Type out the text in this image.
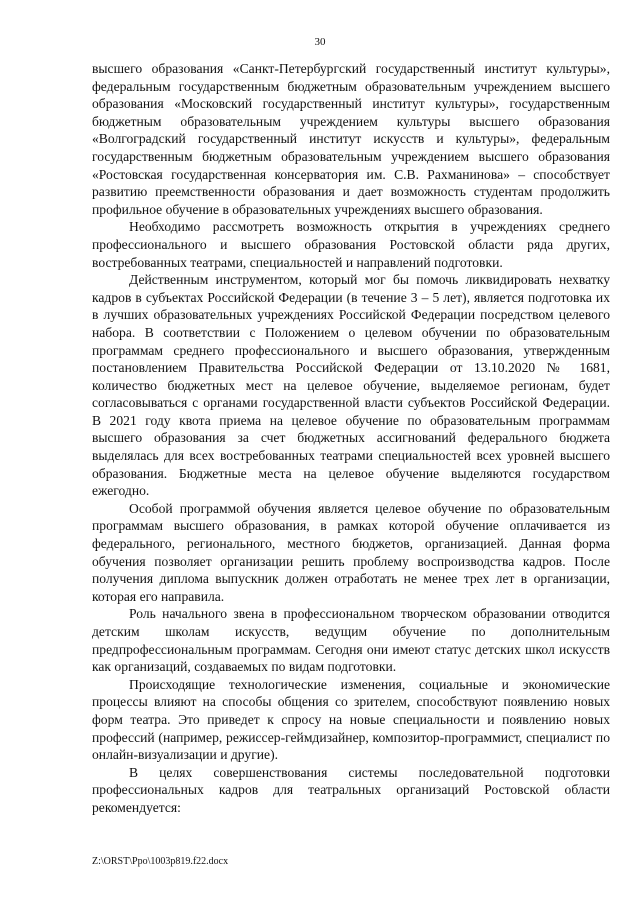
30

высшего образования «Санкт-Петербургский государственный институт культуры», федеральным государственным бюджетным образовательным учреждением высшего образования «Московский государственный институт культуры», государственным бюджетным образовательным учреждением культуры высшего образования «Волгоградский государственный институт искусств и культуры», федеральным государственным бюджетным образовательным учреждением высшего образования «Ростовская государственная консерватория им. С.В. Рахманинова» – способствует развитию преемственности образования и дает возможность студентам продолжить профильное обучение в образовательных учреждениях высшего образования.

Необходимо рассмотреть возможность открытия в учреждениях среднего профессионального и высшего образования Ростовской области ряда других, востребованных театрами, специальностей и направлений подготовки.

Действенным инструментом, который мог бы помочь ликвидировать нехватку кадров в субъектах Российской Федерации (в течение 3 – 5 лет), является подготовка их в лучших образовательных учреждениях Российской Федерации посредством целевого набора. В соответствии с Положением о целевом обучении по образовательным программам среднего профессионального и высшего образования, утвержденным постановлением Правительства Российской Федерации от 13.10.2020 № 1681, количество бюджетных мест на целевое обучение, выделяемое регионам, будет согласовываться с органами государственной власти субъектов Российской Федерации. В 2021 году квота приема на целевое обучение по образовательным программам высшего образования за счет бюджетных ассигнований федерального бюджета выделялась для всех востребованных театрами специальностей всех уровней высшего образования. Бюджетные места на целевое обучение выделяются государством ежегодно.

Особой программой обучения является целевое обучение по образовательным программам высшего образования, в рамках которой обучение оплачивается из федерального, регионального, местного бюджетов, организацией. Данная форма обучения позволяет организации решить проблему воспроизводства кадров. После получения диплома выпускник должен отработать не менее трех лет в организации, которая его направила.

Роль начального звена в профессиональном творческом образовании отводится детским школам искусств, ведущим обучение по дополнительным предпрофессиональным программам. Сегодня они имеют статус детских школ искусств как организаций, создаваемых по видам подготовки.

Происходящие технологические изменения, социальные и экономические процессы влияют на способы общения со зрителем, способствуют появлению новых форм театра. Это приведет к спросу на новые специальности и появлению новых профессий (например, режиссер-геймдизайнер, композитор-программист, специалист по онлайн-визуализации и другие).

В целях совершенствования системы последовательной подготовки профессиональных кадров для театральных организаций Ростовской области рекомендуется:

Z:\ORST\Ppo\1003p819.f22.docx
